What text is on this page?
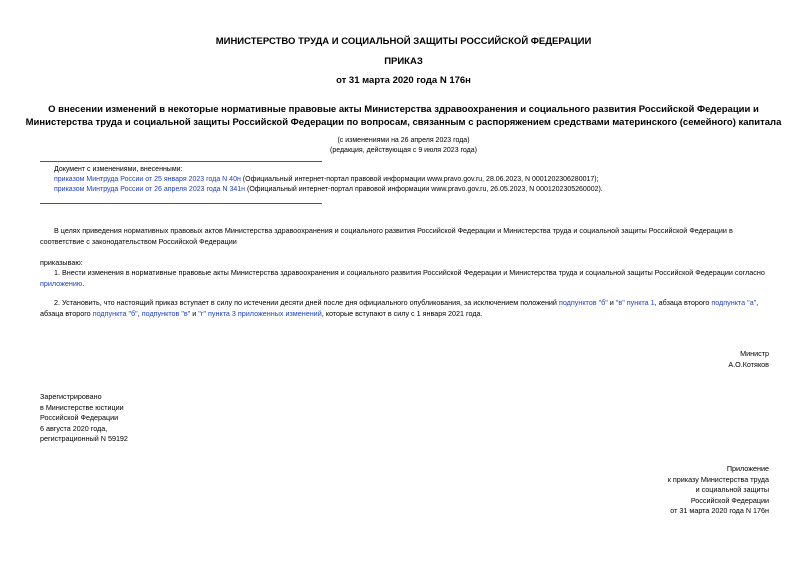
МИНИСТЕРСТВО ТРУДА И СОЦИАЛЬНОЙ ЗАЩИТЫ РОССИЙСКОЙ ФЕДЕРАЦИИ
ПРИКАЗ
от 31 марта 2020 года N 176н

О внесении изменений в некоторые нормативные правовые акты Министерства здравоохранения и социального развития Российской Федерации и

Министерства труда и социальной защиты Российской Федерации по вопросам, связанным с распоряжением средствами материнского (семейного) капитала

(с изменениями на 26 апреля 2023 года)
(редакция, действующая с 9 июля 2023 года)

Документ с изменениями, внесенными:

приказом Минтруда России от 25 января 2023 года N 40н (Официальный интернет-портал правовой информации www.pravo.gov.ru, 28.06.2023, N 0001202306280017);

приказом Минтруда России от 26 апреля 2023 года N 341н (Официальный интернет-портал правовой информации www.pravo.gov.ru, 26.05.2023, N 0001202305260002).

В целях приведения нормативных правовых актов Министерства здравоохранения и социального развития Российской Федерации и Министерства труда и социальной защиты Российской Федерации в

соответствие с законодательством Российской Федерации

приказываю:

1. Внести изменения в нормативные правовые акты Министерства здравоохранения и социального развития Российской Федерации и Министерства труда и социальной защиты Российской Федерации согласно

приложению.

2. Установить, что настоящий приказ вступает в силу по истечении десяти дней после дня официального опубликования, за исключением положений подпунктов "б" и "в" пункта 1, абзаца второго подпункта "а",

абзаца второго подпункта "б", подпунктов "в" и "г" пункта 3 приложенных изменений, которые вступают в силу с 1 января 2021 года.

Министр

А.О.Котяков

Зарегистрировано

в Министерстве юстиции

Российской Федерации

6 августа 2020 года,

регистрационный N 59192

Приложение

к приказу Министерства труда

и социальной защиты

Российской Федерации

от 31 марта 2020 года N 176н
